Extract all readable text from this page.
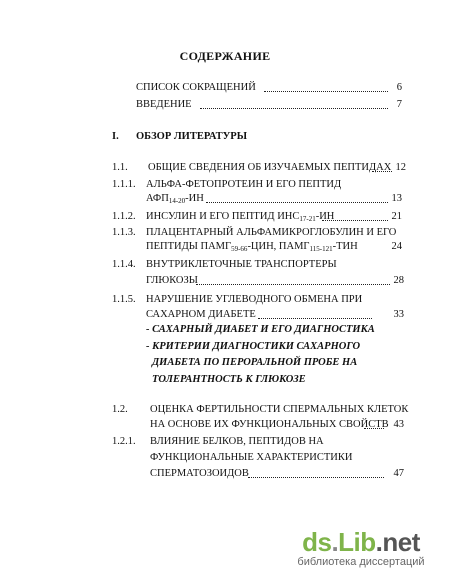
СОДЕРЖАНИЕ
СПИСОК СОКРАЩЕНИЙ	6
ВВЕДЕНИЕ	7
I. ОБЗОР ЛИТЕРАТУРЫ
1.1. ОБЩИЕ СВЕДЕНИЯ ОБ ИЗУЧАЕМЫХ ПЕПТИДАХ 12
1.1.1. АЛЬФА-ФЕТОПРОТЕИН И ЕГО ПЕПТИД
$АФП_{14-20}-ИН$	13
1.1.2. ИНСУЛИН И ЕГО ПЕПТИД $ИНС_{17-21}-ИН$	21
1.1.3. ПЛАЦЕНТАРНЫЙ АЛЬФАМИКРОГЛОБУЛИН И ЕГО
ПЕПТИДЫ $ПАМГ_{59-66}$-ЦИН, $ПАМГ_{115-121}$-ТИН	24
1.1.4. ВНУТРИКЛЕТОЧНЫЕ ТРАНСПОРТЕРЫ
ГЛЮКОЗЫ	28
1.1.5. НАРУШЕНИЕ УГЛЕВОДНОГО ОБМЕНА ПРИ
САХАРНОМ ДИАБЕТЕ	33
- САХАРНЫЙ ДИАБЕТ И ЕГО ДИАГНОСТИКА
- КРИТЕРИИ ДИАГНОСТИКИ САХАРНОГО
ДИАБЕТА ПО ПЕРОРАЛЬНОЙ ПРОБЕ НА
ТОЛЕРАНТНОСТЬ К ГЛЮКОЗЕ
1.2. ОЦЕНКА ФЕРТИЛЬНОСТИ СПЕРМАЛЬНЫХ КЛЕТОК
НА ОСНОВЕ ИХ ФУНКЦИОНАЛЬНЫХ СВОЙСТВ 43
1.2.1. ВЛИЯНИЕ БЕЛКОВ, ПЕПТИДОВ НА
ФУНКЦИОНАЛЬНЫЕ ХАРАКТЕРИСТИКИ
СПЕРМАТОЗОИДОВ	47
ds.Lib.net
библиотека диссертаций
